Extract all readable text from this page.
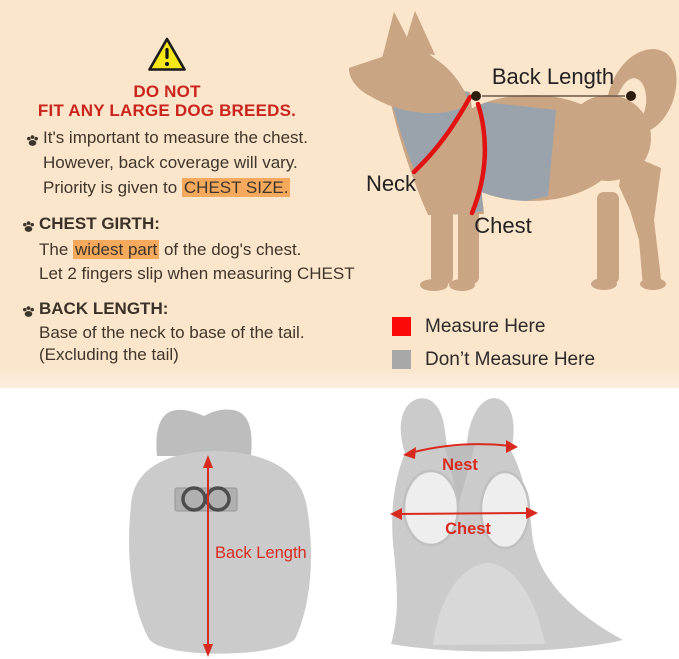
DO NOT
FIT ANY LARGE DOG BREEDS.
It's important to measure the chest.
However, back coverage will vary.
Priority is given to CHEST SIZE.
CHEST GIRTH:
The widest part of the dog's chest.
Let 2 fingers slip when measuring CHEST
BACK LENGTH:
Base of the neck to base of the tail.
(Excluding the tail)
Back Length
Neck
Chest
Measure Here
Don’t Measure Here
Back Length
Nest
Chest
